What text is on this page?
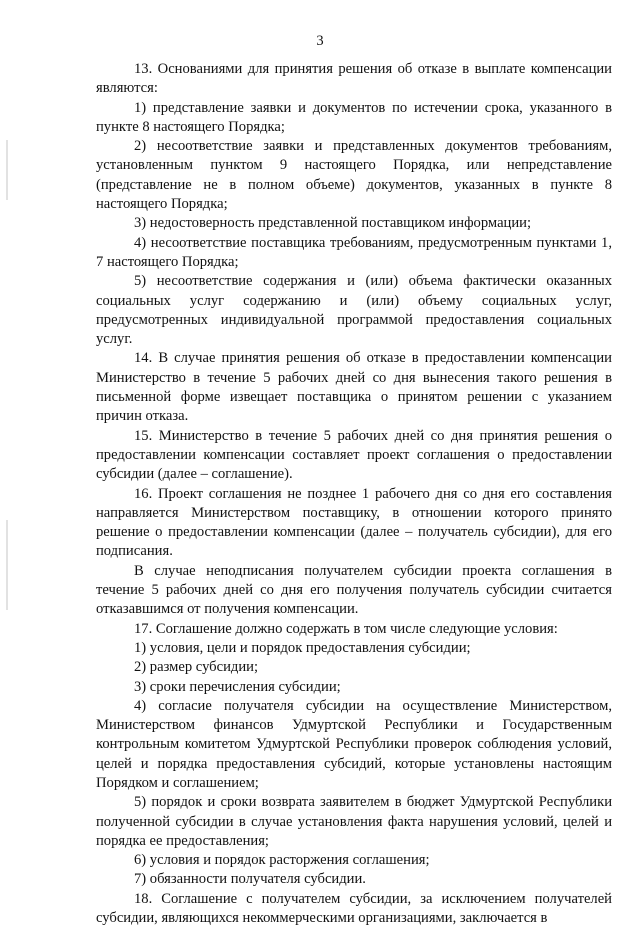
3

13. Основаниями для принятия решения об отказе в выплате компенсации являются:

1) представление заявки и документов по истечении срока, указанного в пункте 8 настоящего Порядка;

2) несоответствие заявки и представленных документов требованиям, установленным пунктом 9 настоящего Порядка, или непредставление (представление не в полном объеме) документов, указанных в пункте 8 настоящего Порядка;

3) недостоверность представленной поставщиком информации;

4) несоответствие поставщика требованиям, предусмотренным пунктами 1, 7 настоящего Порядка;

5) несоответствие содержания и (или) объема фактически оказанных социальных услуг содержанию и (или) объему социальных услуг, предусмотренных индивидуальной программой предоставления социальных услуг.

14. В случае принятия решения об отказе в предоставлении компенсации Министерство в течение 5 рабочих дней со дня вынесения такого решения в письменной форме извещает поставщика о принятом решении с указанием причин отказа.

15. Министерство в течение 5 рабочих дней со дня принятия решения о предоставлении компенсации составляет проект соглашения о предоставлении субсидии (далее – соглашение).

16. Проект соглашения не позднее 1 рабочего дня со дня его составления направляется Министерством поставщику, в отношении которого принято решение о предоставлении компенсации (далее – получатель субсидии), для его подписания.

В случае неподписания получателем субсидии проекта соглашения в течение 5 рабочих дней со дня его получения получатель субсидии считается отказавшимся от получения компенсации.

17. Соглашение должно содержать в том числе следующие условия:

1) условия, цели и порядок предоставления субсидии;

2) размер субсидии;

3) сроки перечисления субсидии;

4) согласие получателя субсидии на осуществление Министерством, Министерством финансов Удмуртской Республики и Государственным контрольным комитетом Удмуртской Республики проверок соблюдения условий, целей и порядка предоставления субсидий, которые установлены настоящим Порядком и соглашением;

5) порядок и сроки возврата заявителем в бюджет Удмуртской Республики полученной субсидии в случае установления факта нарушения условий, целей и порядка ее предоставления;

6) условия и порядок расторжения соглашения;

7) обязанности получателя субсидии.

18. Соглашение с получателем субсидии, за исключением получателей субсидии, являющихся некоммерческими организациями, заключается в
